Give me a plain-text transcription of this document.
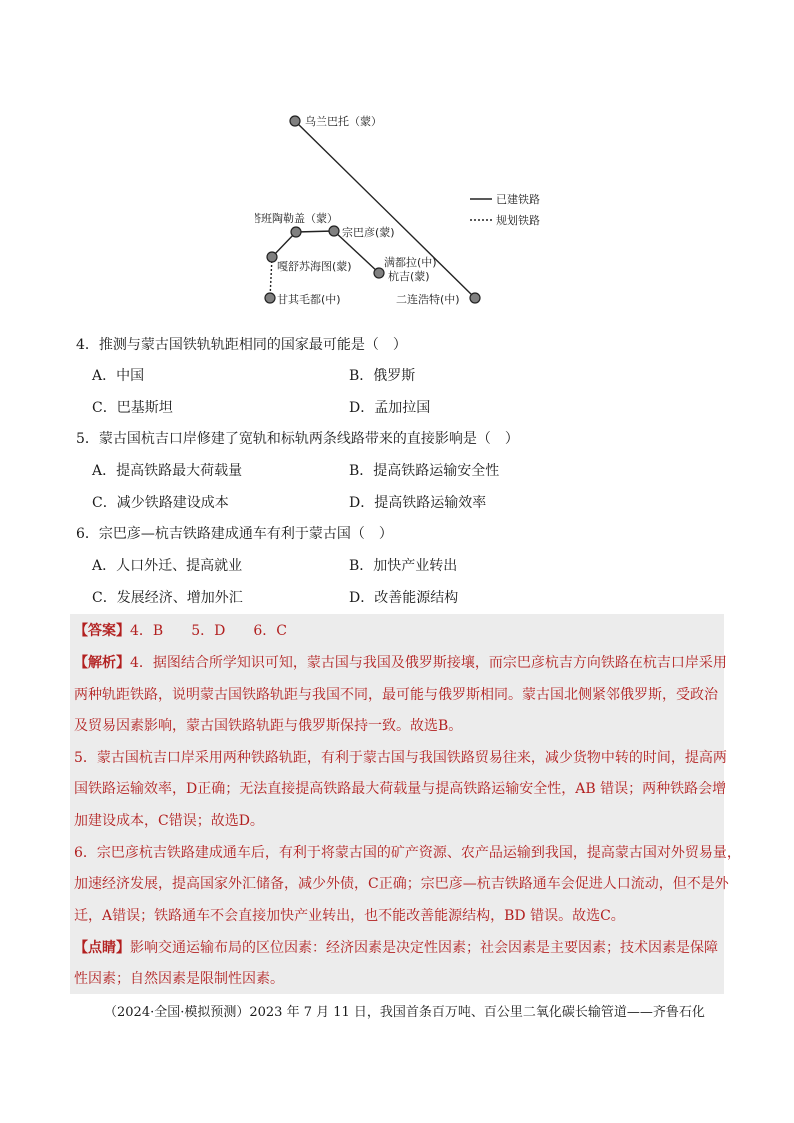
乌兰巴托（蒙）
塔班陶勒盖（蒙）
宗巴彦(蒙)
嘎舒苏海图(蒙)	满都拉(中)
杭吉(蒙)
甘其毛都(中)	二连浩特(中)
已建铁路
规划铁路
4．推测与蒙古国铁轨轨距相同的国家最可能是（　）
A．中国	B．俄罗斯
C．巴基斯坦	D．孟加拉国
5．蒙古国杭吉口岸修建了宽轨和标轨两条线路带来的直接影响是（　）
A．提高铁路最大荷载量	B．提高铁路运输安全性
C．减少铁路建设成本	D．提高铁路运输效率
6．宗巴彦—杭吉铁路建成通车有利于蒙古国（　）
A．人口外迁、提高就业	B．加快产业转出
C．发展经济、增加外汇	D．改善能源结构
【答案】4．B　　5．D　　6．C
【解析】4．据图结合所学知识可知，蒙古国与我国及俄罗斯接壤，而宗巴彦杭吉方向铁路在杭吉口岸采用
两种轨距铁路，说明蒙古国铁路轨距与我国不同，最可能与俄罗斯相同。蒙古国北侧紧邻俄罗斯，受政治
及贸易因素影响，蒙古国铁路轨距与俄罗斯保持一致。故选B。
5．蒙古国杭吉口岸采用两种铁路轨距，有利于蒙古国与我国铁路贸易往来，减少货物中转的时间，提高两
国铁路运输效率，D正确；无法直接提高铁路最大荷载量与提高铁路运输安全性，AB 错误；两种铁路会增
加建设成本，C错误；故选D。
6．宗巴彦杭吉铁路建成通车后，有利于将蒙古国的矿产资源、农产品运输到我国，提高蒙古国对外贸易量，
加速经济发展，提高国家外汇储备，减少外债，C正确；宗巴彦—杭吉铁路通车会促进人口流动，但不是外
迁，A错误；铁路通车不会直接加快产业转出，也不能改善能源结构，BD 错误。故选C。
【点睛】影响交通运输布局的区位因素：经济因素是决定性因素；社会因素是主要因素；技术因素是保障
性因素；自然因素是限制性因素。
（2024·全国·模拟预测）2023 年 7 月 11 日，我国首条百万吨、百公里二氧化碳长输管道——齐鲁石化
